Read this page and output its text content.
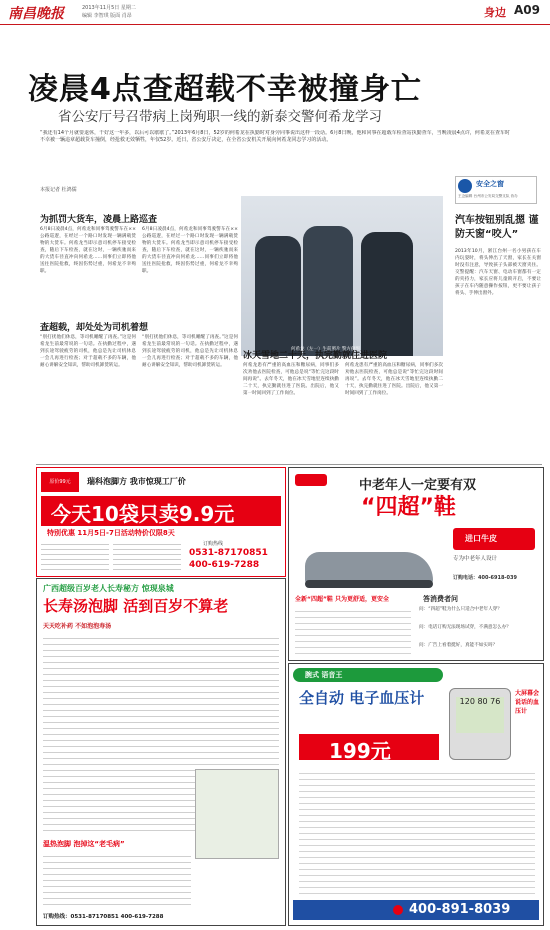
南昌晚报	2013年11月5日 星期二
编辑 李智琪 版面 肖昂	身边 A09
凌晨4点查超载不幸被撞身亡
省公安厅号召带病上岗殉职一线的新泰交警何希龙学习
“我还有14个月就要退休，干好这一年多，以后可以歇歇了。”2013年6月8日，52岁的何希龙在执勤时对身旁同事说出这样一段话。6月8日晚，他和同事在超载车检查站执勤查车，当晚凌晨4点许，何希龙在查车时不幸被一辆违章超载货车撞倒，经抢救无效牺牲，年仅52岁。近日，省公安厅决定，在全省公安机关开展向何希龙同志学习的活动。
本报记者 杜鸿儒
安全之窗
王念编辑 台州市公安局交警支队 协办
何希龙（左一）生前照片 警方供图
为抓罚大货车，凌晨上路巡查
6月8日凌晨4点，何希龙和同事驾驶警车在××公路巡逻，在经过一个路口时发现一辆满载货物的大货车。何希龙当即示意司机停车接受检查，随后下车检查，就在这时，一辆疾驰而来的大货车径直冲向何希龙……同事们立即将他送往医院抢救，终因伤势过重，何希龙不幸殉职。
6月8日凌晨4点，何希龙和同事驾驶警车在××公路巡逻，在经过一个路口时发现一辆满载货物的大货车。何希龙当即示意司机停车接受检查，随后下车检查，就在这时，一辆疾驰而来的大货车径直冲向何希龙……同事们立即将他送往医院抢救，终因伤势过重，何希龙不幸殉职。
查超载，却处处为司机着想
“别打扰他们休息，等司机睡醒了再查。”这是何希龙生前最常说的一句话。在执勤过程中，遇到长途驾驶疲劳的司机，他总是先让司机休息一会儿再进行检查；对于超载不多的车辆，他耐心讲解安全知识，帮助司机卸货转运。
“别打扰他们休息，等司机睡醒了再查。”这是何希龙生前最常说的一句话。在执勤过程中，遇到长途驾驶疲劳的司机，他总是先让司机休息一会儿再进行检查；对于超载不多的车辆，他耐心讲解安全知识，帮助司机卸货转运。
冰天雪地二十天，执完勤就住进医院
何希龙患有严重的高血压和糖尿病，同事们多次劝他去医院检查，可他总是说“等忙完这段时间再说”。去年冬天，他在冰天雪地里连续执勤二十天，执完勤就住进了医院。出院后，他又第一时间回到了工作岗位。
何希龙患有严重的高血压和糖尿病，同事们多次劝他去医院检查，可他总是说“等忙完这段时间再说”。去年冬天，他在冰天雪地里连续执勤二十天，执完勤就住进了医院。出院后，他又第一时间回到了工作岗位。
汽车按钮别乱摁 谨防天窗“咬人”
2013年10月，浙江台州一名小男孩在车内玩耍时，将头伸出了天窗，家长在关窗时没有注意，导致孩子头部被天窗夹住。交警提醒：汽车天窗、电动车窗都有一定的夹持力，家长应将儿童锁开启，不要让孩子在车内随意操作按钮，更不要让孩子将头、手伸出窗外。
原价99元	瑞科泡脚方 我市惊现工厂价
今天10袋只卖9.9元
特别优惠 11月5日-7日活动特价仅限8天
订购热线
0531-87170851
400-619-7288
广西超级百岁老人长寿秘方 惊现泉城
长寿汤泡脚 活到百岁不算老
天天吃补药 不如泡泡寿汤
温热泡脚 泡掉这“老毛病”
订购热线：0531-87170851 400-619-7288
中老年人一定要有双
“四超”鞋
进口牛皮
专为中老年人设计
订购电话：400-6918-039
全新“四超”鞋 只为更舒适，更安全	答消费者问
问：“四超”鞋为什么只适合中老年人穿？
问：电话订购无法现场试穿，不满意怎么办？
问：广告上看着挺好，真能不如实吗？
腕式 语音王
全自动 电子血压计
199元
120 80 76
大屏幕会说话的血压计
400-891-8039
